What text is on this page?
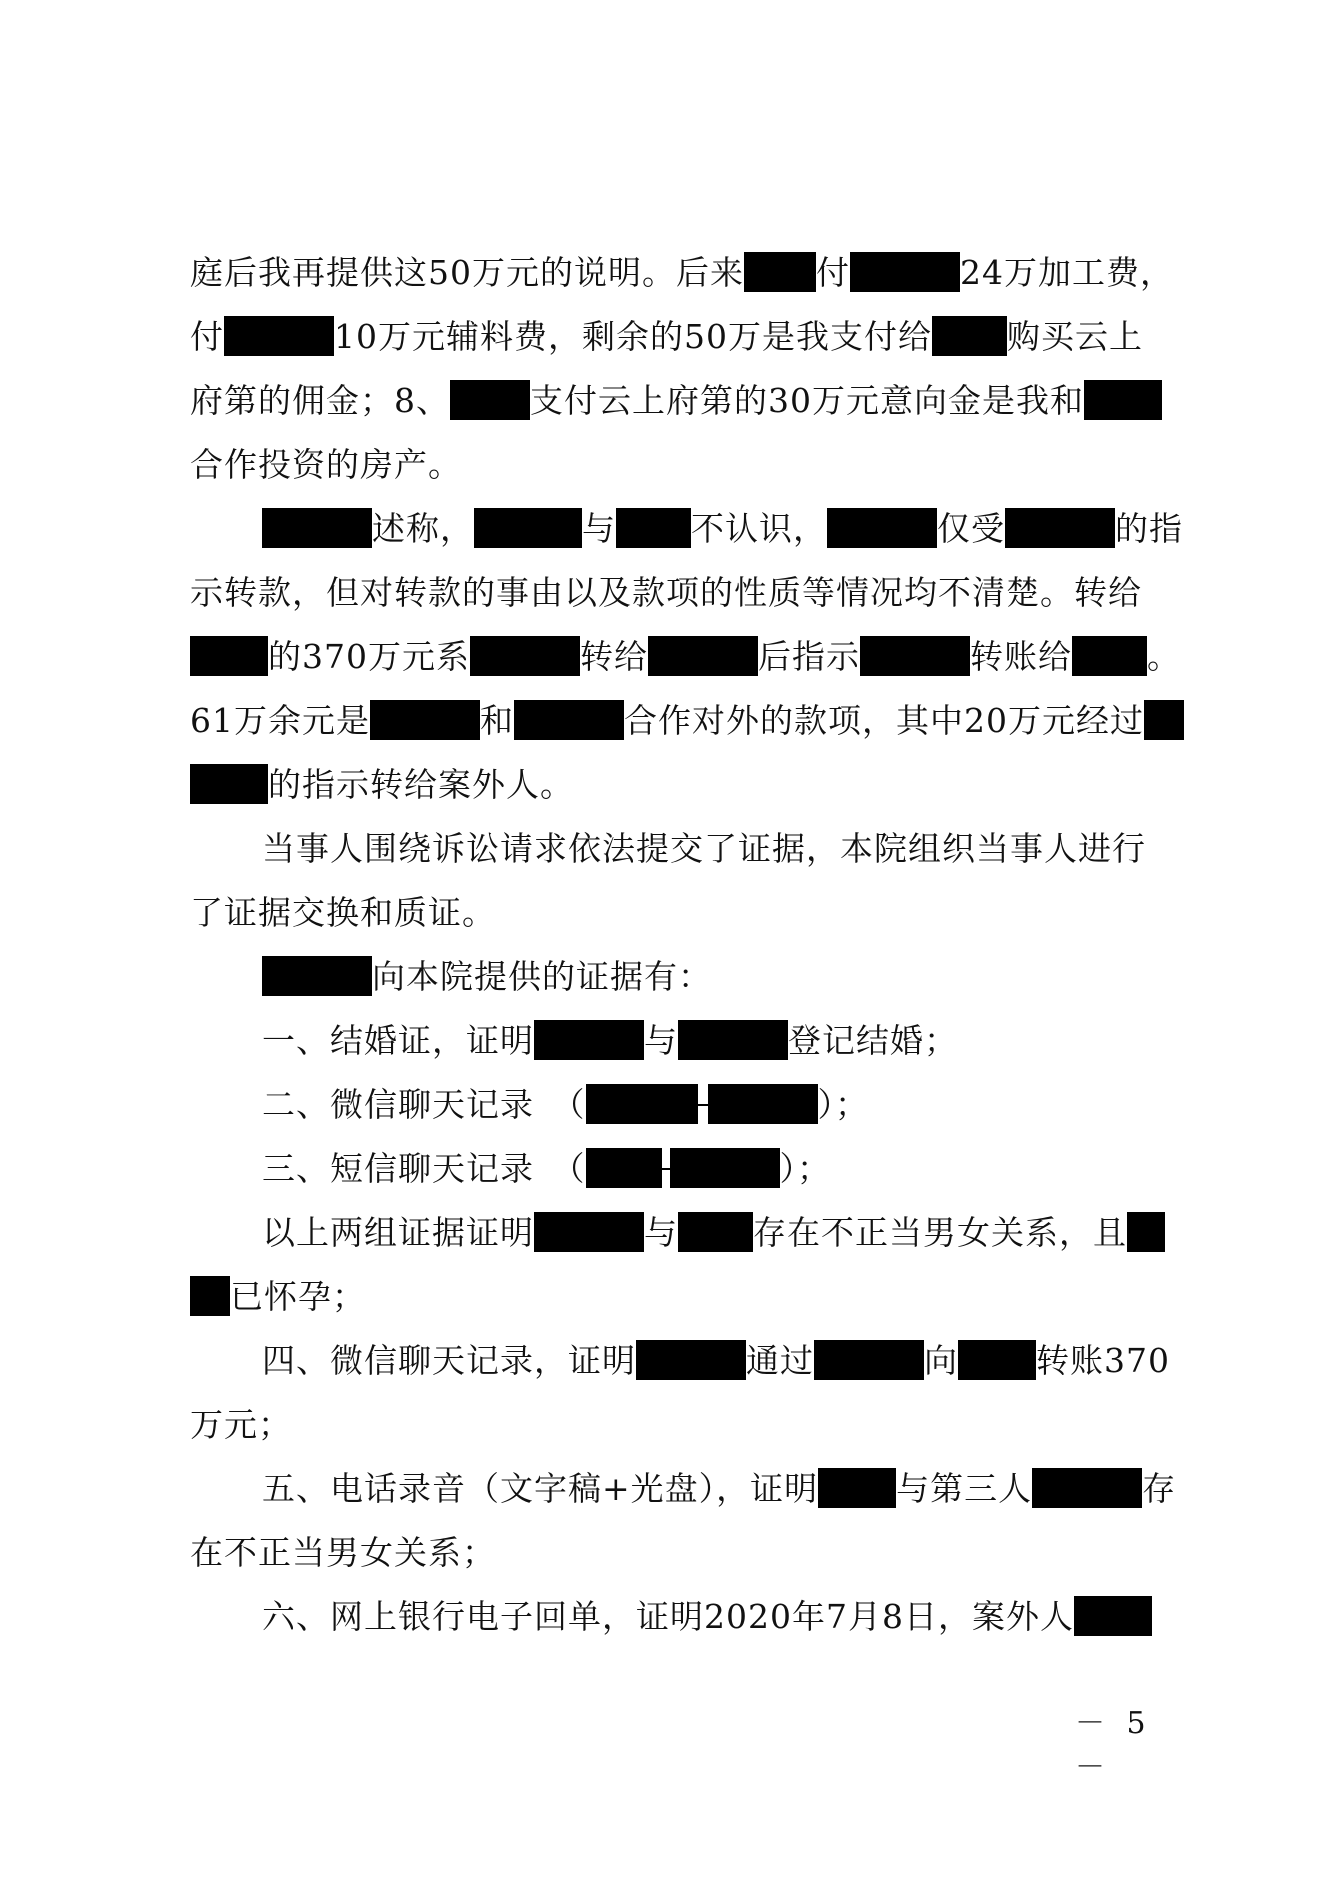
庭后我再提供这50万元的说明。后来 付	24万加工费，
付	10万元辅料费，剩余的50万是我支付给 购买云上
府第的佣金；8、 支付云上府第的30万元意向金是我和
合作投资的房产。
述称，	与 不认识，	仅受	的指
示转款，但对转款的事由以及款项的性质等情况均不清楚。转给
的370万元系	转给	后指示	转账给 。
61万余元是	和	合作对外的款项，其中20万元经过
的指示转给案外人。
当事人围绕诉讼请求依法提交了证据，本院组织当事人进行
了证据交换和质证。
向本院提供的证据有：
一、结婚证，证明	与	登记结婚；
二、微信聊天记录　（	）；
三、短信聊天记录　（	）；
以上两组证据证明	与 存在不正当男女关系，且
已怀孕；
四、微信聊天记录，证明	通过	向 转账370
万元；
五、电话录音（文字稿+光盘），证明 与第三人	存
在不正当男女关系；
六、网上银行电子回单，证明2020年7月8日，案外人
－ 5 －
